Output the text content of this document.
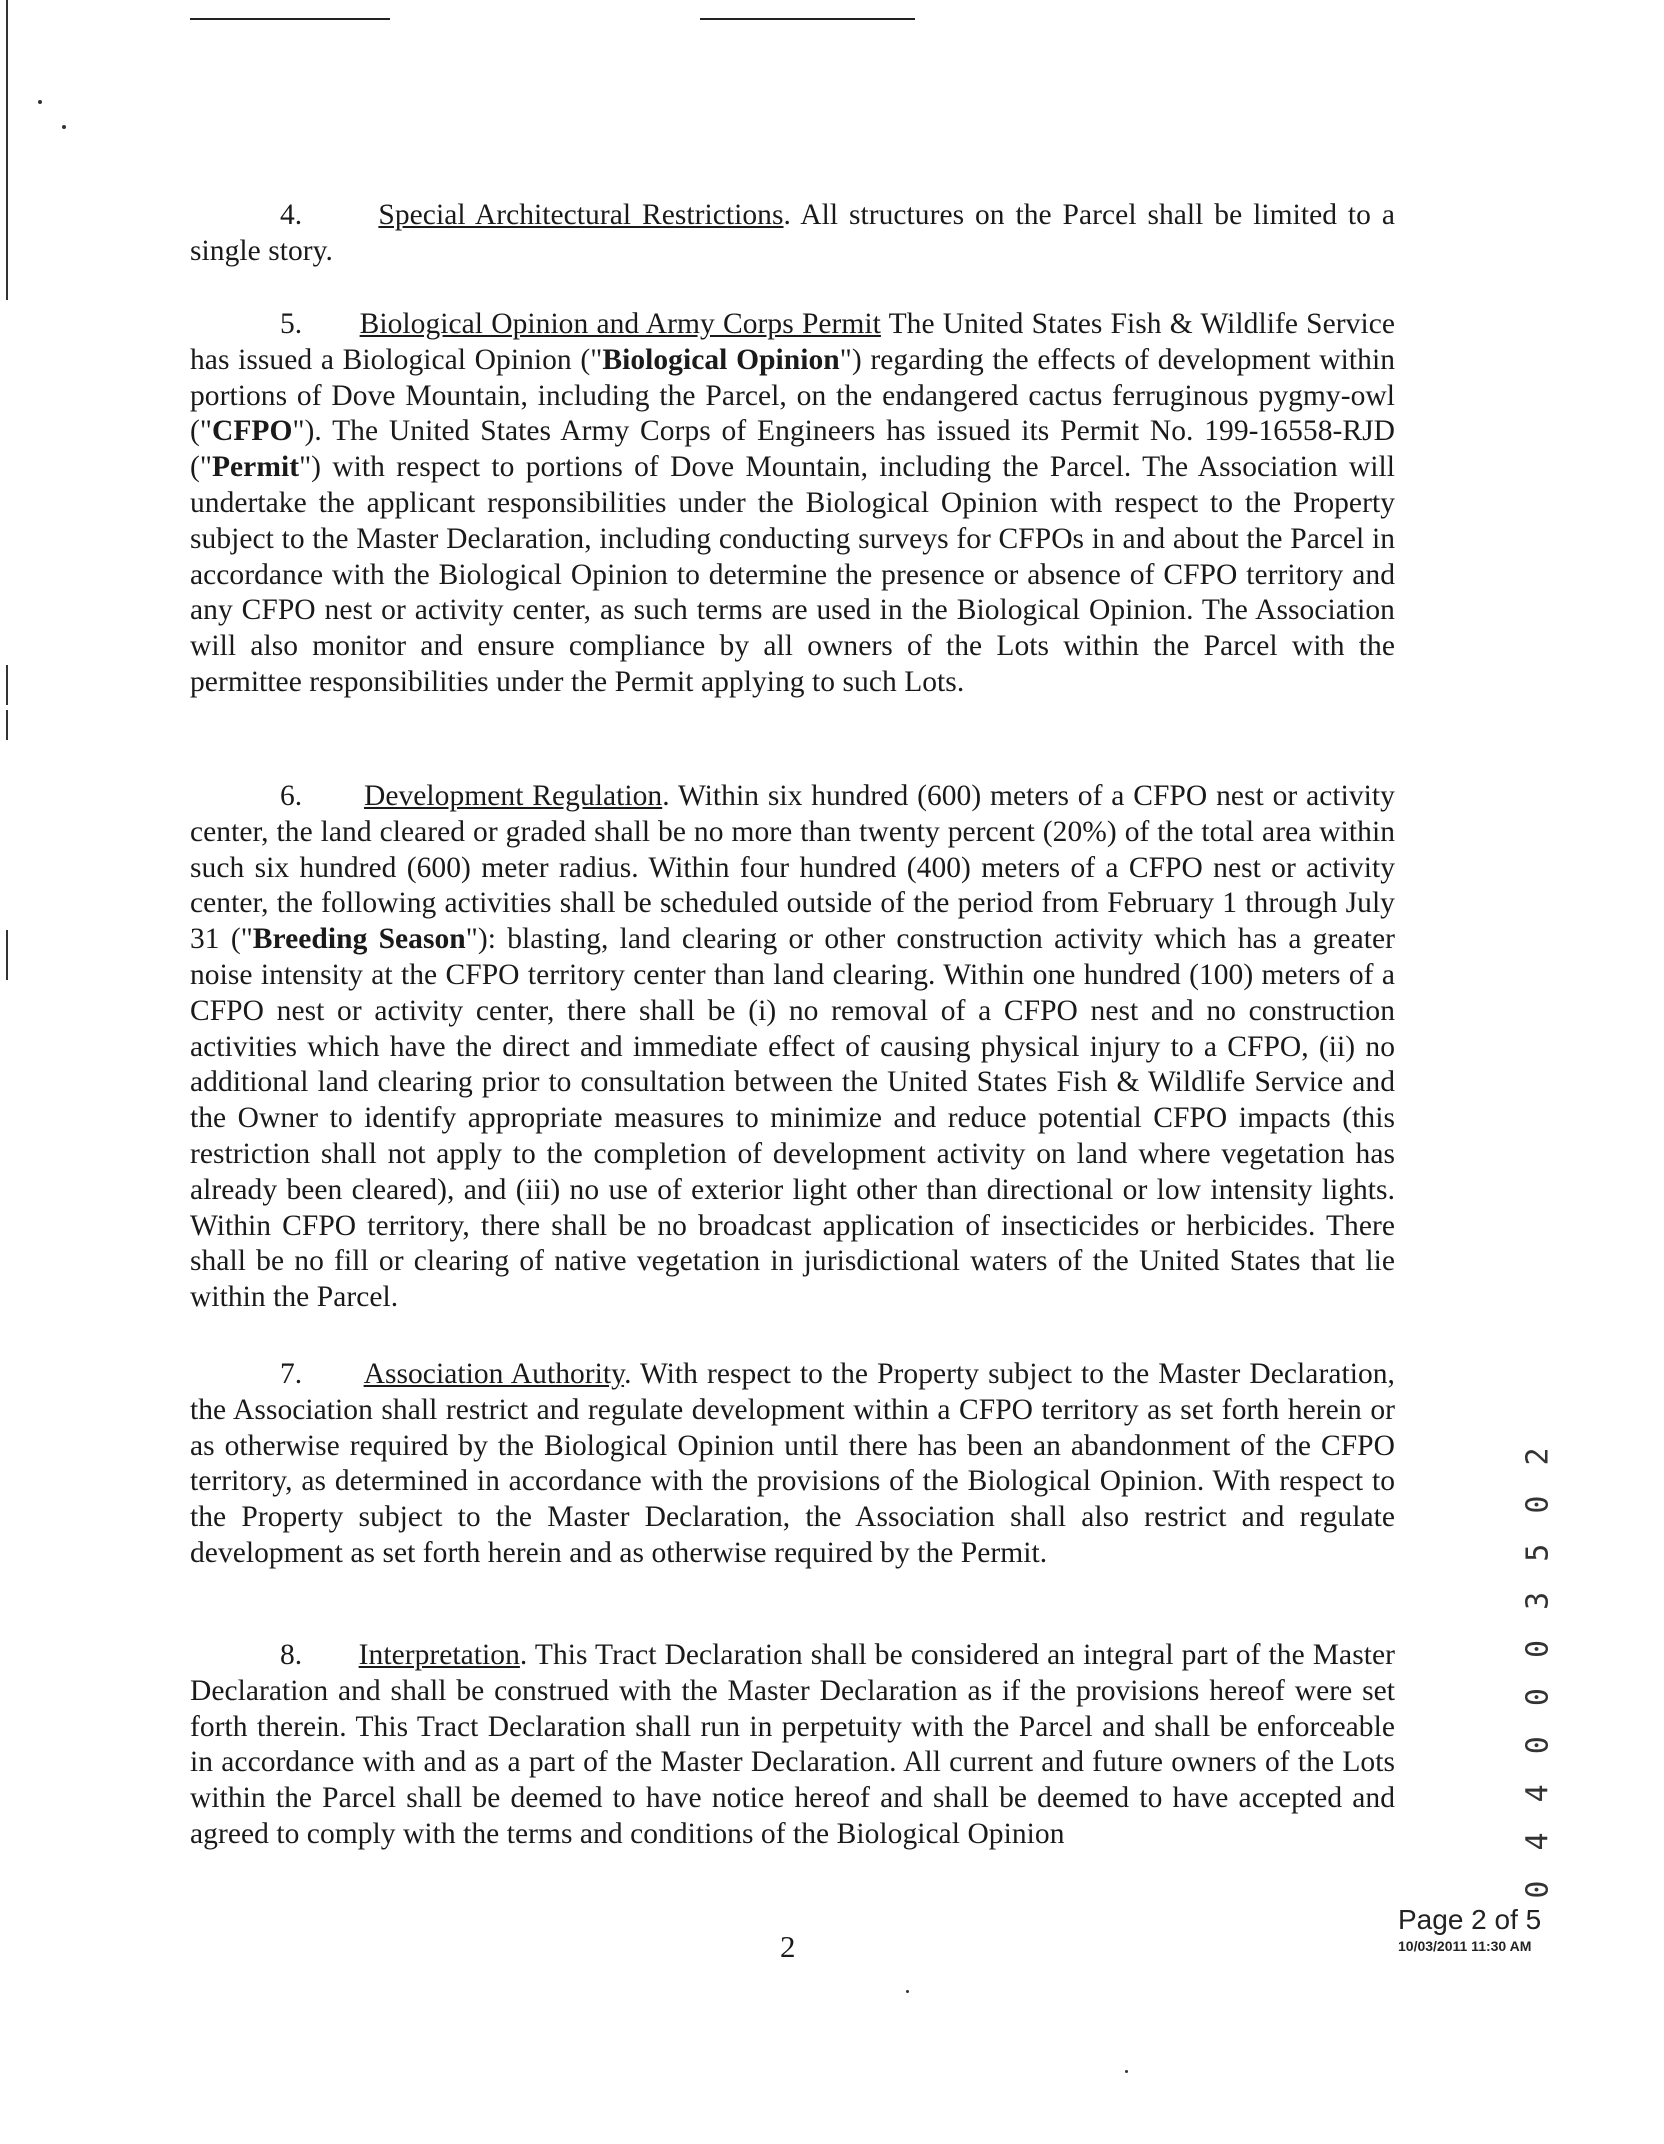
4.	Special Architectural Restrictions. All structures on the Parcel shall be limited to a single story.

5. Biological Opinion and Army Corps Permit The United States Fish & Wildlife Service has issued a Biological Opinion ("Biological Opinion") regarding the effects of development within portions of Dove Mountain, including the Parcel, on the endangered cactus ferruginous pygmy-owl ("CFPO"). The United States Army Corps of Engineers has issued its Permit No. 199-16558-RJD ("Permit") with respect to portions of Dove Mountain, including the Parcel. The Association will undertake the applicant responsibilities under the Biological Opinion with respect to the Property subject to the Master Declaration, including conducting surveys for CFPOs in and about the Parcel in accordance with the Biological Opinion to determine the presence or absence of CFPO territory and any CFPO nest or activity center, as such terms are used in the Biological Opinion. The Association will also monitor and ensure compliance by all owners of the Lots within the Parcel with the permittee responsibilities under the Permit applying to such Lots.

6. Development Regulation. Within six hundred (600) meters of a CFPO nest or activity center, the land cleared or graded shall be no more than twenty percent (20%) of the total area within such six hundred (600) meter radius. Within four hundred (400) meters of a CFPO nest or activity center, the following activities shall be scheduled outside of the period from February 1 through July 31 ("Breeding Season"): blasting, land clearing or other construction activity which has a greater noise intensity at the CFPO territory center than land clearing. Within one hundred (100) meters of a CFPO nest or activity center, there shall be (i) no removal of a CFPO nest and no construction activities which have the direct and immediate effect of causing physical injury to a CFPO, (ii) no additional land clearing prior to consultation between the United States Fish & Wildlife Service and the Owner to identify appropriate measures to minimize and reduce potential CFPO impacts (this restriction shall not apply to the completion of development activity on land where vegetation has already been cleared), and (iii) no use of exterior light other than directional or low intensity lights. Within CFPO territory, there shall be no broadcast application of insecticides or herbicides. There shall be no fill or clearing of native vegetation in jurisdictional waters of the United States that lie within the Parcel.

7. Association Authority. With respect to the Property subject to the Master Declaration, the Association shall restrict and regulate development within a CFPO territory as set forth herein or as otherwise required by the Biological Opinion until there has been an abandonment of the CFPO territory, as determined in accordance with the provisions of the Biological Opinion. With respect to the Property subject to the Master Declaration, the Association shall also restrict and regulate development as set forth herein and as otherwise required by the Permit.

8. Interpretation. This Tract Declaration shall be considered an integral part of the Master Declaration and shall be construed with the Master Declaration as if the provisions hereof were set forth therein. This Tract Declaration shall run in perpetuity with the Parcel and shall be enforceable in accordance with and as a part of the Master Declaration. All current and future owners of the Lots within the Parcel shall be deemed to have notice hereof and shall be deemed to have accepted and agreed to comply with the terms and conditions of the Biological Opinion	0 4 4 0 0 0 3 5 0 2
2
Page 2 of 5
10/03/2011 11:30 AM
